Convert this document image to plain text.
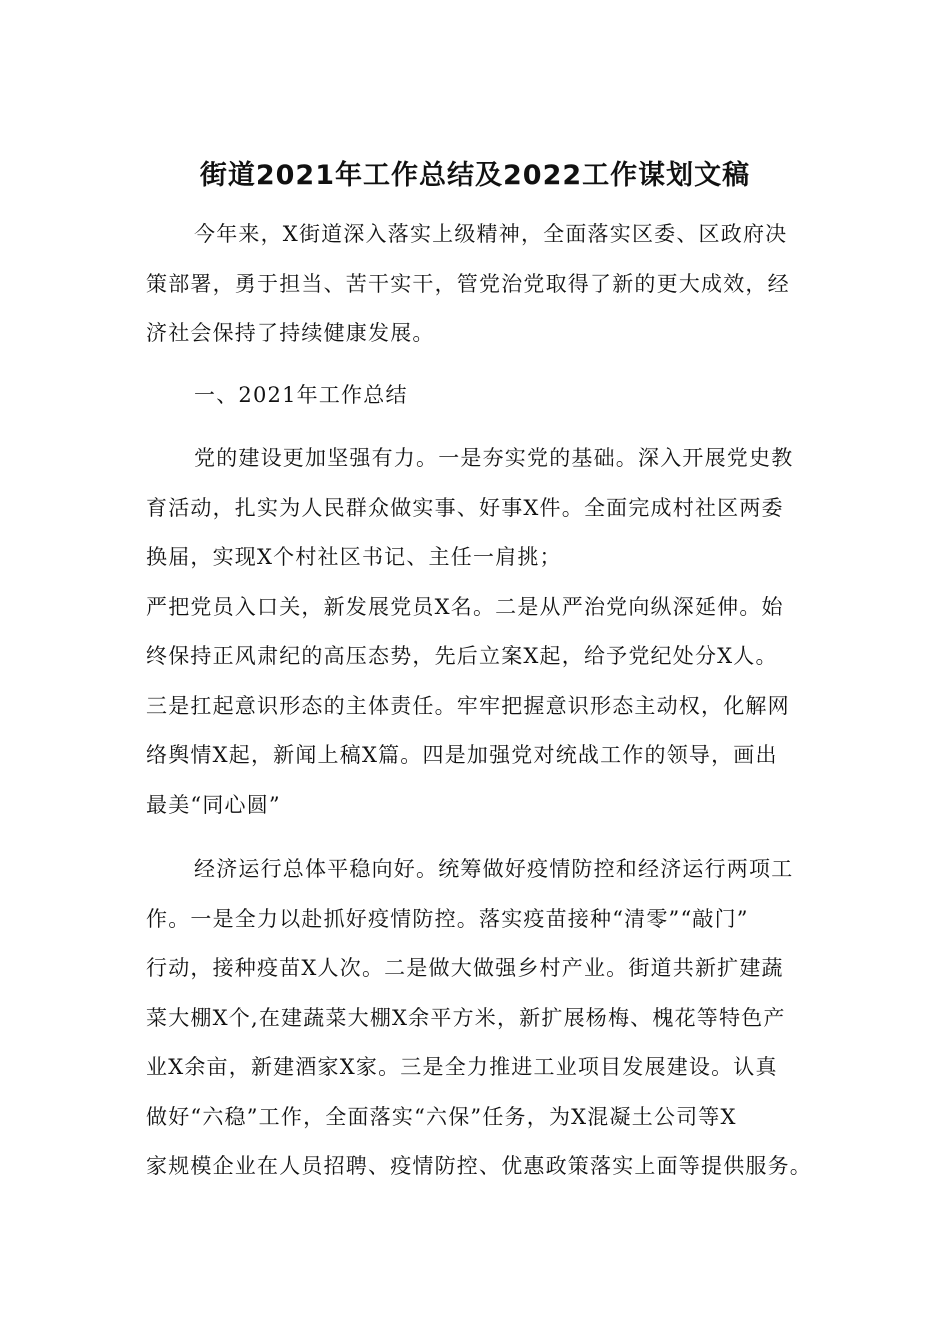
街道2021年工作总结及2022工作谋划文稿
今年来，X街道深入落实上级精神，全面落实区委、区政府决
策部署，勇于担当、苦干实干，管党治党取得了新的更大成效，经
济社会保持了持续健康发展。
一、2021年工作总结
党的建设更加坚强有力。一是夯实党的基础。深入开展党史教
育活动，扎实为人民群众做实事、好事X件。全面完成村社区两委
换届，实现X个村社区书记、主任一肩挑；
严把党员入口关，新发展党员X名。二是从严治党向纵深延伸。始
终保持正风肃纪的高压态势，先后立案X起，给予党纪处分X人。
三是扛起意识形态的主体责任。牢牢把握意识形态主动权，化解网
络舆情X起，新闻上稿X篇。四是加强党对统战工作的领导，画出
最美“同心圆”
经济运行总体平稳向好。统筹做好疫情防控和经济运行两项工
作。一是全力以赴抓好疫情防控。落实疫苗接种“清零”“敲门”
行动，接种疫苗X人次。二是做大做强乡村产业。街道共新扩建蔬
菜大棚X个,在建蔬菜大棚X余平方米，新扩展杨梅、槐花等特色产
业X余亩，新建酒家X家。三是全力推进工业项目发展建设。认真
做好“六稳”工作，全面落实“六保”任务，为X混凝土公司等X
家规模企业在人员招聘、疫情防控、优惠政策落实上面等提供服务。
